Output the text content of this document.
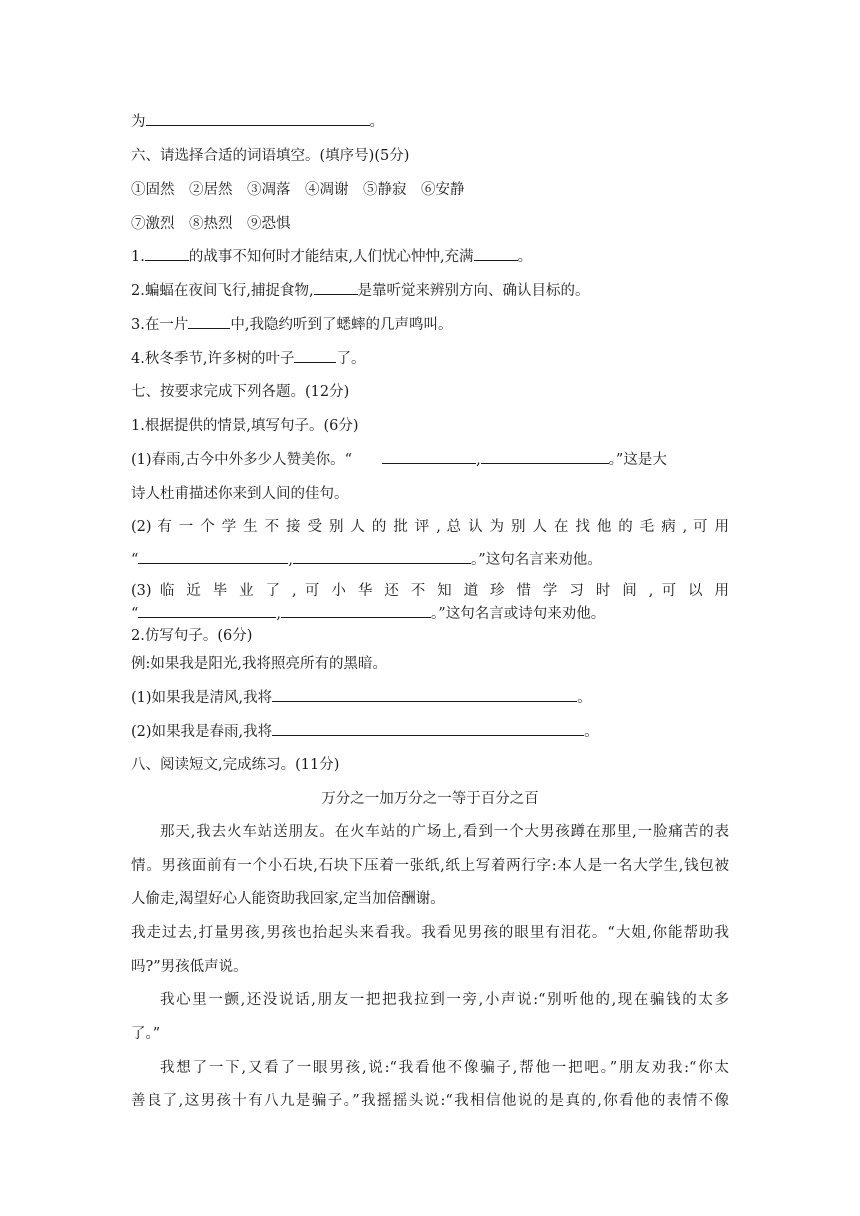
为	。
六、请选择合适的词语填空。(填序号)(5分)
①固然　②居然　③凋落　④凋谢　⑤静寂　⑥安静
⑦激烈　⑧热烈　⑨恐惧
1.	的战事不知何时才能结束,人们忧心忡忡,充满	。
2.蝙蝠在夜间飞行,捕捉食物,	是靠听觉来辨别方向、确认目标的。
3.在一片	中,我隐约听到了蟋蟀的几声鸣叫。
4.秋冬季节,许多树的叶子	了。
七、按要求完成下列各题。(12分)
1.根据提供的情景,填写句子。(6分)
(1)春雨,古今中外多少人赞美你。“	,	。”这是大
诗人杜甫描述你来到人间的佳句。
(2) 有 一 个 学 生 不 接 受 别 人 的 批 评 , 总 认 为 别 人 在 找 他 的 毛 病 , 可 用
“	,	。”这句名言来劝他。
(3) 临 近 毕 业 了 , 可 小 华 还 不 知 道 珍 惜 学 习 时 间 , 可 以 用
“	,	。”这句名言或诗句来劝他。
2.仿写句子。(6分)
例:如果我是阳光,我将照亮所有的黑暗。
(1)如果我是清风,我将	。
(2)如果我是春雨,我将	。
八、阅读短文,完成练习。(11分)
万分之一加万分之一等于百分之百
那天,我去火车站送朋友。在火车站的广场上,看到一个大男孩蹲在那里,一脸痛苦的表
情。男孩面前有一个小石块,石块下压着一张纸,纸上写着两行字:本人是一名大学生,钱包被
人偷走,渴望好心人能资助我回家,定当加倍酬谢。
我走过去,打量男孩,男孩也抬起头来看我。我看见男孩的眼里有泪花。“大姐,你能帮助我
吗?”男孩低声说。
我心里一颤,还没说话,朋友一把把我拉到一旁,小声说:“别听他的,现在骗钱的太多
了。”
我想了一下,又看了一眼男孩,说:“我看他不像骗子,帮他一把吧。”朋友劝我:“你太
善良了,这男孩十有八九是骗子。”我摇摇头说:“我相信他说的是真的,你看他的表情不像
